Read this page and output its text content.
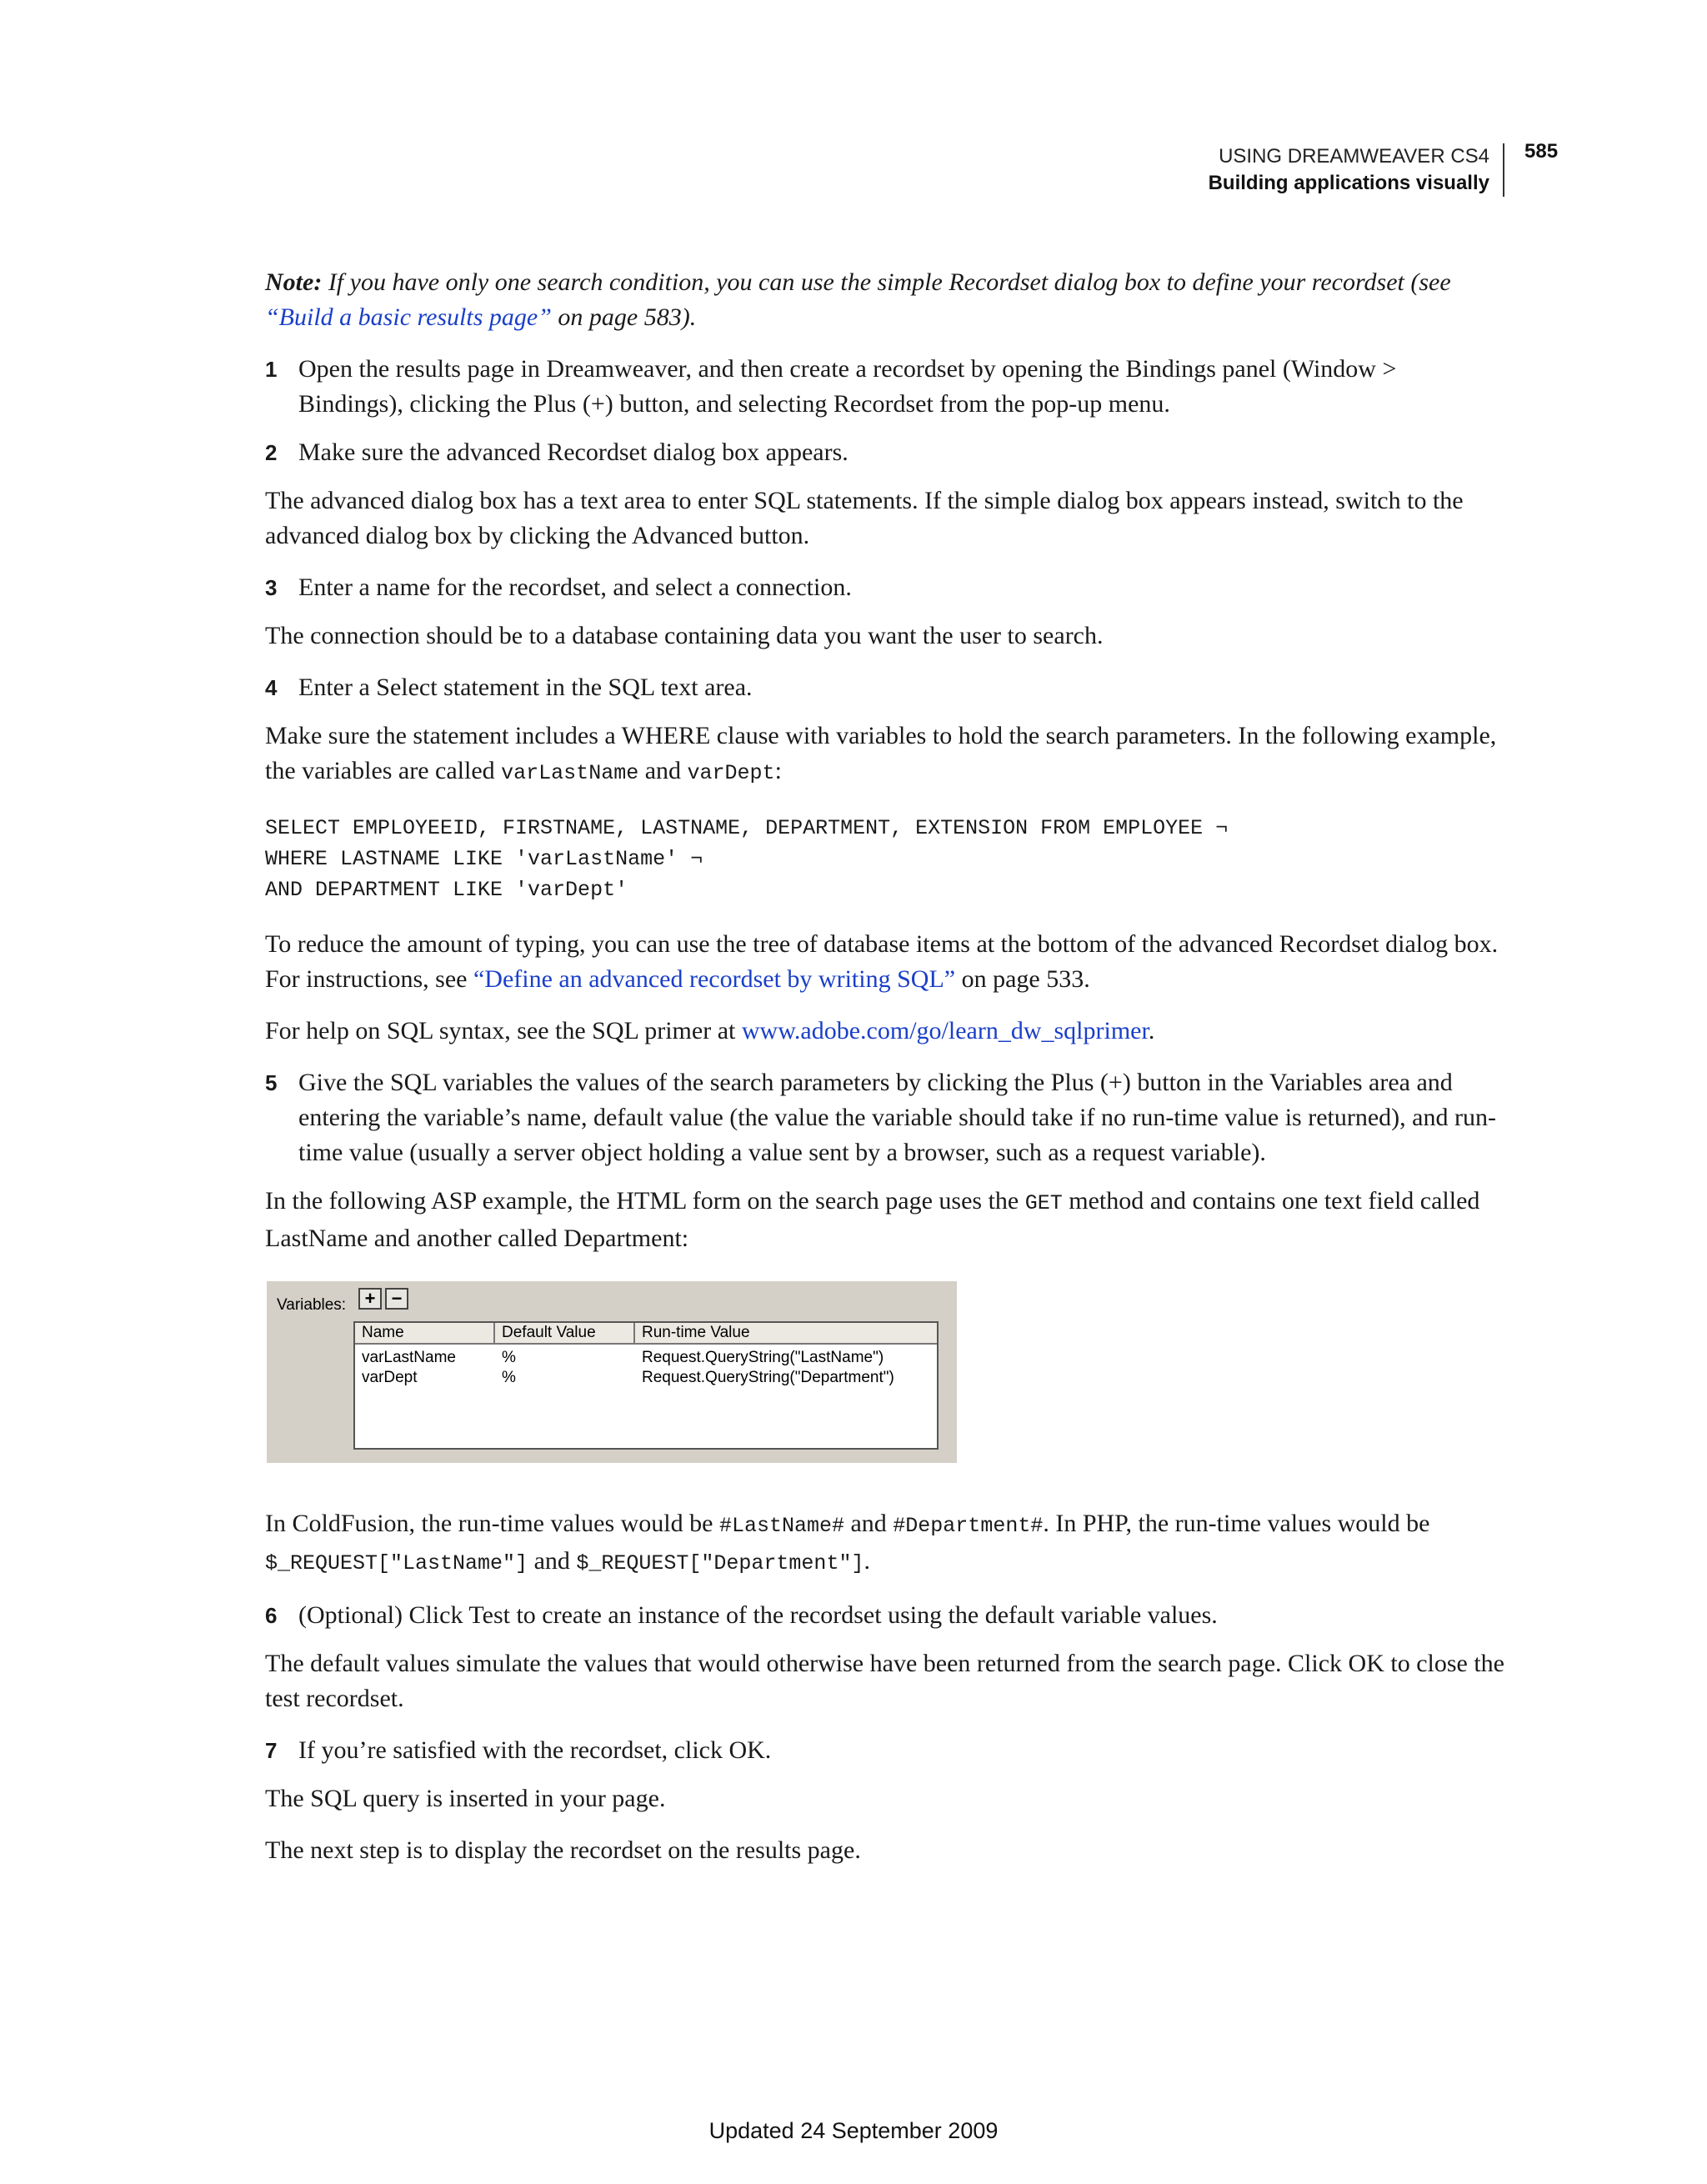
USING DREAMWEAVER CS4
Building applications visually
585

Note: If you have only one search condition, you can use the simple Recordset dialog box to define your recordset (see “Build a basic results page” on page 583).

1 Open the results page in Dreamweaver, and then create a recordset by opening the Bindings panel (Window > Bindings), clicking the Plus (+) button, and selecting Recordset from the pop-up menu.
2 Make sure the advanced Recordset dialog box appears.

The advanced dialog box has a text area to enter SQL statements. If the simple dialog box appears instead, switch to the advanced dialog box by clicking the Advanced button.

3 Enter a name for the recordset, and select a connection.

The connection should be to a database containing data you want the user to search.

4 Enter a Select statement in the SQL text area.

Make sure the statement includes a WHERE clause with variables to hold the search parameters. In the following example, the variables are called varLastName and varDept:

SELECT EMPLOYEEID, FIRSTNAME, LASTNAME, DEPARTMENT, EXTENSION FROM EMPLOYEE ¬
WHERE LASTNAME LIKE 'varLastName' ¬
AND DEPARTMENT LIKE 'varDept'

To reduce the amount of typing, you can use the tree of database items at the bottom of the advanced Recordset dialog box. For instructions, see “Define an advanced recordset by writing SQL” on page 533.

For help on SQL syntax, see the SQL primer at www.adobe.com/go/learn_dw_sqlprimer.

5 Give the SQL variables the values of the search parameters by clicking the Plus (+) button in the Variables area and entering the variable’s name, default value (the value the variable should take if no run-time value is returned), and run-time value (usually a server object holding a value sent by a browser, such as a request variable).

In the following ASP example, the HTML form on the search page uses the GET method and contains one text field called LastName and another called Department:

Variables:	+ −
Name	Default Value	Run-time Value
varLastName	%	Request.QueryString("LastName")
varDept	%	Request.QueryString("Department")

In ColdFusion, the run-time values would be #LastName# and #Department#. In PHP, the run-time values would be $_REQUEST["LastName"] and $_REQUEST["Department"].

6 (Optional) Click Test to create an instance of the recordset using the default variable values.

The default values simulate the values that would otherwise have been returned from the search page. Click OK to close the test recordset.

7 If you’re satisfied with the recordset, click OK.

The SQL query is inserted in your page.

The next step is to display the recordset on the results page.

Updated 24 September 2009
